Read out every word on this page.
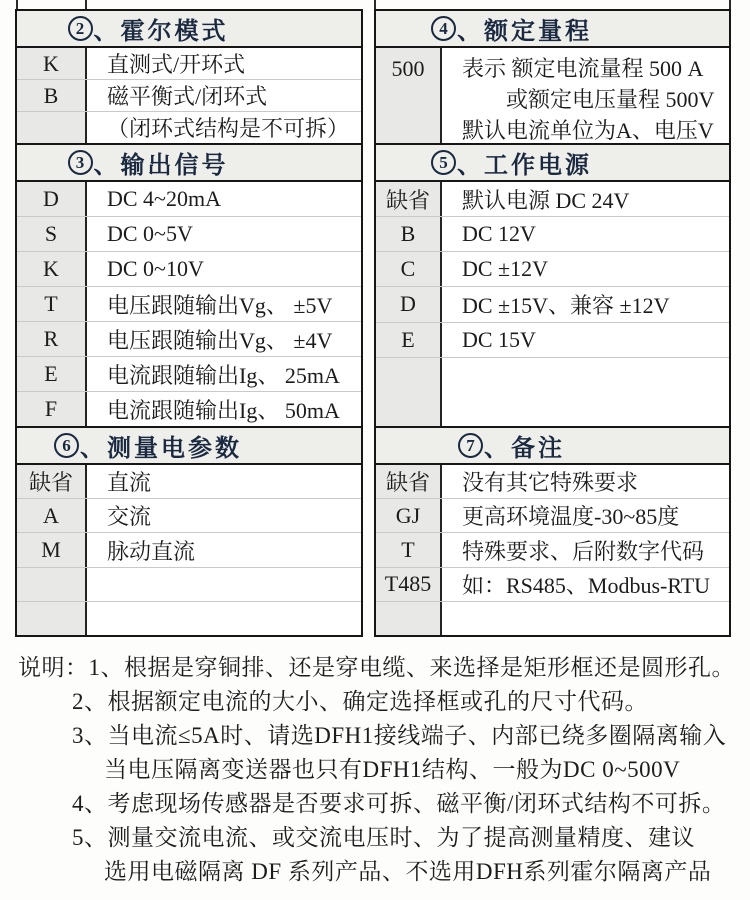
2 、 霍尔模式
K	直测式/开环式
B	磁平衡式/闭环式
（闭环式结构是不可拆）
3 、 输出信号
D	DC 4~20mA
S	DC 0~5V
K	DC 0~10V
T	电压跟随输出Vg、 ±5V
R	电压跟随输出Vg、 ±4V
E	电流跟随输出Ig、 25mA
F	电流跟随输出Ig、 50mA
6 、 测量电参数
缺省	直流
A	交流
M	脉动直流
4 、 额定量程
500	表示 额定电流量程 500 A
或额定电压量程 500V
默认电流单位为A、电压V
5 、 工作电源
缺省	默认电源 DC 24V
B	DC 12V
C	DC ±12V
D	DC ±15V、兼容 ±12V
E	DC 15V
7 、 备注
缺省	没有其它特殊要求
GJ	更高环境温度-30~85度
T	特殊要求、后附数字代码
T485	如：RS485、Modbus-RTU
说明：1、根据是穿铜排、还是穿电缆、来选择是矩形框还是圆形孔。
2、根据额定电流的大小、确定选择框或孔的尺寸代码。
3、当电流≤5A时、请选DFH1接线端子、内部已绕多圈隔离输入
当电压隔离变送器也只有DFH1结构、一般为DC 0~500V
4、考虑现场传感器是否要求可拆、磁平衡/闭环式结构不可拆。
5、测量交流电流、或交流电压时、为了提高测量精度、建议
选用电磁隔离 DF 系列产品、不选用DFH系列霍尔隔离产品
